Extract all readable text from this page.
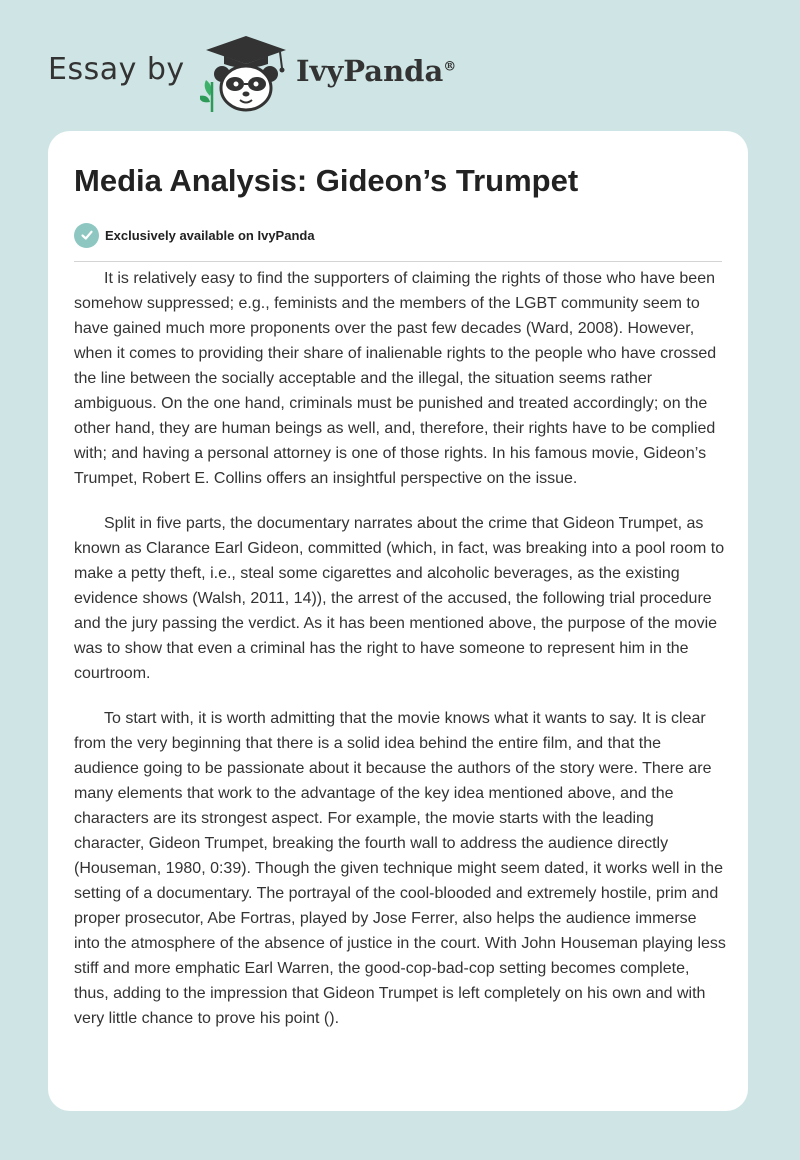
Essay by	IvyPanda®
Media Analysis: Gideon’s Trumpet
Exclusively available on IvyPanda

It is relatively easy to find the supporters of claiming the rights of those who have been somehow suppressed; e.g., feminists and the members of the LGBT community seem to have gained much more proponents over the past few decades (Ward, 2008). However, when it comes to providing their share of inalienable rights to the people who have crossed the line between the socially acceptable and the illegal, the situation seems rather ambiguous. On the one hand, criminals must be punished and treated accordingly; on the other hand, they are human beings as well, and, therefore, their rights have to be complied with; and having a personal attorney is one of those rights. In his famous movie, Gideon’s Trumpet, Robert E. Collins offers an insightful perspective on the issue.

Split in five parts, the documentary narrates about the crime that Gideon Trumpet, as known as Clarance Earl Gideon, committed (which, in fact, was breaking into a pool room to make a petty theft, i.e., steal some cigarettes and alcoholic beverages, as the existing evidence shows (Walsh, 2011, 14)), the arrest of the accused, the following trial procedure and the jury passing the verdict. As it has been mentioned above, the purpose of the movie was to show that even a criminal has the right to have someone to represent him in the courtroom.

To start with, it is worth admitting that the movie knows what it wants to say. It is clear from the very beginning that there is a solid idea behind the entire film, and that the audience going to be passionate about it because the authors of the story were. There are many elements that work to the advantage of the key idea mentioned above, and the characters are its strongest aspect. For example, the movie starts with the leading character, Gideon Trumpet, breaking the fourth wall to address the audience directly (Houseman, 1980, 0:39). Though the given technique might seem dated, it works well in the setting of a documentary. The portrayal of the cool-blooded and extremely hostile, prim and proper prosecutor, Abe Fortras, played by Jose Ferrer, also helps the audience immerse into the atmosphere of the absence of justice in the court. With John Houseman playing less stiff and more emphatic Earl Warren, the good-cop-bad-cop setting becomes complete, thus, adding to the impression that Gideon Trumpet is left completely on his own and with very little chance to prove his point ().
